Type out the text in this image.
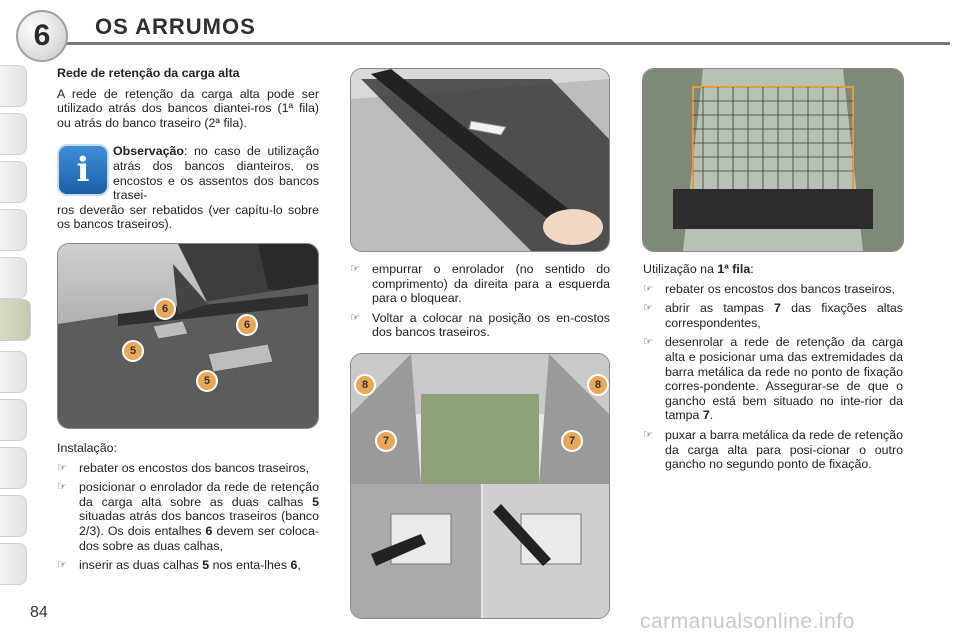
6	OS ARRUMOS
Rede de retenção da carga alta

A rede de retenção da carga alta pode ser utilizado atrás dos bancos diantei-ros (1ª fila) ou atrás do banco traseiro (2ª fila).

i Observação: no caso de utilização atrás dos bancos dianteiros, os encostos e os assentos dos bancos trasei-
ros deverão ser rebatidos (ver capítu-lo sobre os bancos traseiros).
6
6
5
5
Instalação:
☞ rebater os encostos dos bancos traseiros,
☞ posicionar o enrolador da rede de retenção da carga alta sobre as duas calhas 5 situadas atrás dos bancos traseiros (banco 2/3). Os dois entalhes 6 devem ser coloca-dos sobre as duas calhas,
☞ inserir as duas calhas 5 nos enta-lhes 6,
☞ empurrar o enrolador (no sentido do comprimento) da direita para a esquerda para o bloquear.
☞ Voltar a colocar na posição os en-costos dos bancos traseiros.
8	8
7	7
Utilização na 1ª fila:
☞ rebater os encostos dos bancos traseiros,
☞ abrir as tampas 7 das fixações altas correspondentes,
☞ desenrolar a rede de retenção da carga alta e posicionar uma das extremidades da barra metálica da rede no ponto de fixação corres-pondente. Assegurar-se de que o gancho está bem situado no inte-rior da tampa 7.
☞ puxar a barra metálica da rede de retenção da carga alta para posi-cionar o outro gancho no segundo ponto de fixação.
84	carmanualsonline.info
